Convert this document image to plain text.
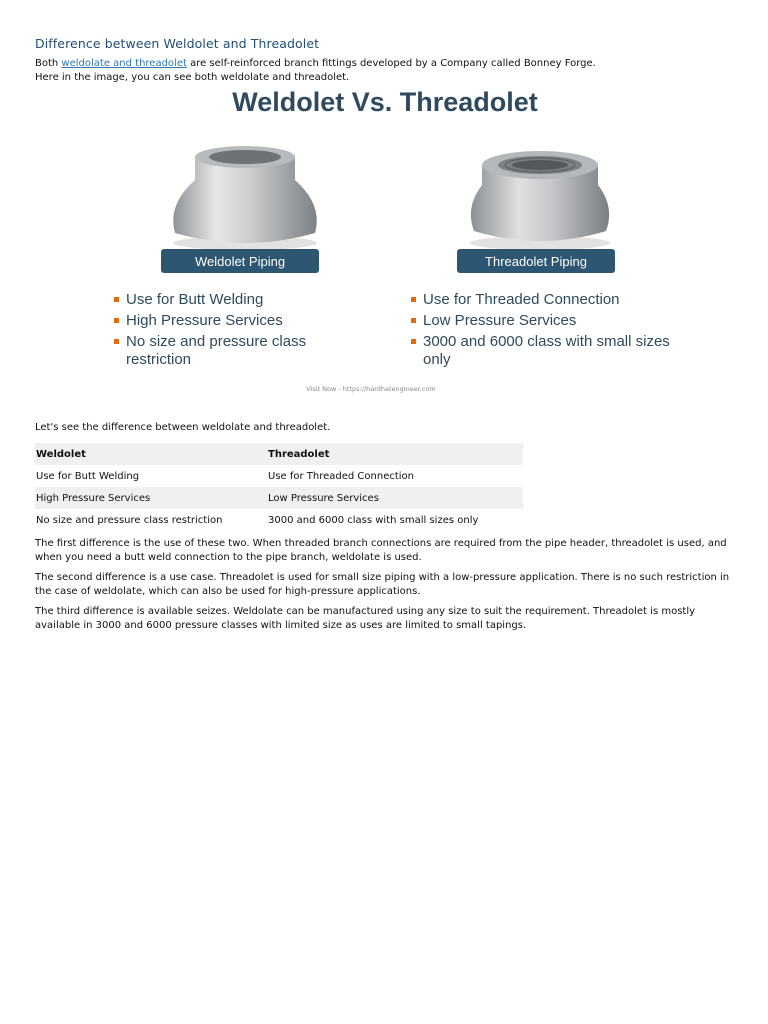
Difference between Weldolet and Threadolet

Both weldolate and threadolet are self-reinforced branch fittings developed by a Company called Bonney Forge.

Here in the image, you can see both weldolate and threadolet.

Weldolet Vs. Threadolet
Weldolet Piping	Threadolet Piping
Use for Butt Welding
High Pressure Services
No size and pressure class restriction
Use for Threaded Connection
Low Pressure Services
3000 and 6000 class with small sizes only
Visit Now - https://hardhatengineer.com

Let's see the difference between weldolate and threadolet.

Weldolet	Threadolet
Use for Butt Welding	Use for Threaded Connection
High Pressure Services	Low Pressure Services
No size and pressure class restriction	3000 and 6000 class with small sizes only

The first difference is the use of these two. When threaded branch connections are required from the pipe header, threadolet is used, and when you need a butt weld connection to the pipe branch, weldolate is used.

The second difference is a use case. Threadolet is used for small size piping with a low-pressure application. There is no such restriction in the case of weldolate, which can also be used for high-pressure applications.

The third difference is available seizes. Weldolate can be manufactured using any size to suit the requirement. Threadolet is mostly available in 3000 and 6000 pressure classes with limited size as uses are limited to small tapings.
